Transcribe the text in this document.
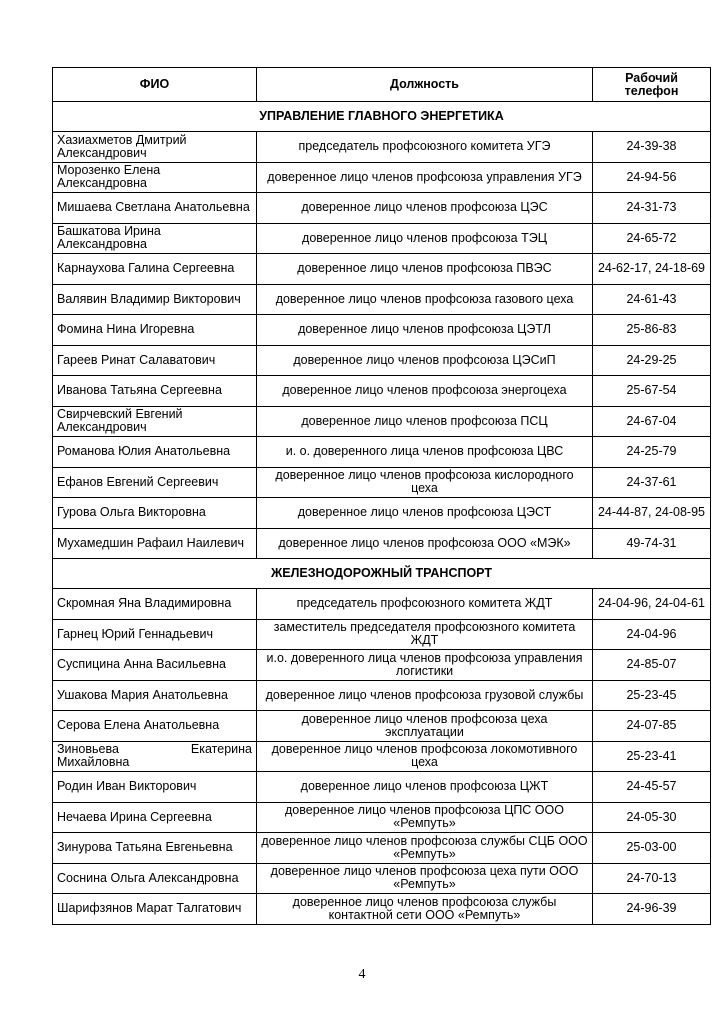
ФИО	Должность	Рабочий телефон
УПРАВЛЕНИЕ ГЛАВНОГО ЭНЕРГЕТИКА		
Хазиахметов Дмитрий Александрович	председатель профсоюзного комитета УГЭ	24-39-38
Морозенко Елена Александровна	доверенное лицо членов профсоюза управления УГЭ	24-94-56
Мишаева Светлана Анатольевна	доверенное лицо членов профсоюза ЦЭС	24-31-73
Башкатова Ирина Александровна	доверенное лицо членов профсоюза ТЭЦ	24-65-72
Карнаухова Галина Сергеевна	доверенное лицо членов профсоюза ПВЭС	24-62-17, 24-18-69
Валявин Владимир Викторович	доверенное лицо членов профсоюза газового цеха	24-61-43
Фомина Нина Игоревна	доверенное лицо членов профсоюза ЦЭТЛ	25-86-83
Гареев Ринат Салаватович	доверенное лицо членов профсоюза ЦЭСиП	24-29-25
Иванова Татьяна Сергеевна	доверенное лицо членов профсоюза энергоцеха	25-67-54
Свирчевский Евгений Александрович	доверенное лицо членов профсоюза ПСЦ	24-67-04
Романова Юлия Анатольевна	и. о. доверенного лица членов профсоюза ЦВС	24-25-79
Ефанов Евгений Сергеевич	доверенное лицо членов профсоюза кислородного цеха	24-37-61
Гурова Ольга Викторовна	доверенное лицо членов профсоюза ЦЭСТ	24-44-87, 24-08-95
Мухамедшин Рафаил Наилевич	доверенное лицо членов профсоюза ООО «МЭК»	49-74-31
ЖЕЛЕЗНОДОРОЖНЫЙ ТРАНСПОРТ		
Скромная Яна Владимировна	председатель профсоюзного комитета ЖДТ	24-04-96, 24-04-61
Гарнец Юрий Геннадьевич	заместитель председателя профсоюзного комитета ЖДТ	24-04-96
Суспицина Анна Васильевна	и.о. доверенного лица членов профсоюза управления логистики	24-85-07
Ушакова Мария Анатольевна	доверенное лицо членов профсоюза грузовой службы	25-23-45
Серова Елена Анатольевна	доверенное лицо членов профсоюза цеха эксплуатации	24-07-85
Зиновьева Екатерина Михайловна	доверенное лицо членов профсоюза локомотивного цеха	25-23-41
Родин Иван Викторович	доверенное лицо членов профсоюза ЦЖТ	24-45-57
Нечаева Ирина Сергеевна	доверенное лицо членов профсоюза ЦПС ООО «Ремпуть»	24-05-30
Зинурова Татьяна Евгеньевна	доверенное лицо членов профсоюза службы СЦБ ООО «Ремпуть»	25-03-00
Соснина Ольга Александровна	доверенное лицо членов профсоюза цеха пути ООО «Ремпуть»	24-70-13
Шарифзянов Марат Талгатович	доверенное лицо членов профсоюза службы контактной сети ООО «Ремпуть»	24-96-39
4
